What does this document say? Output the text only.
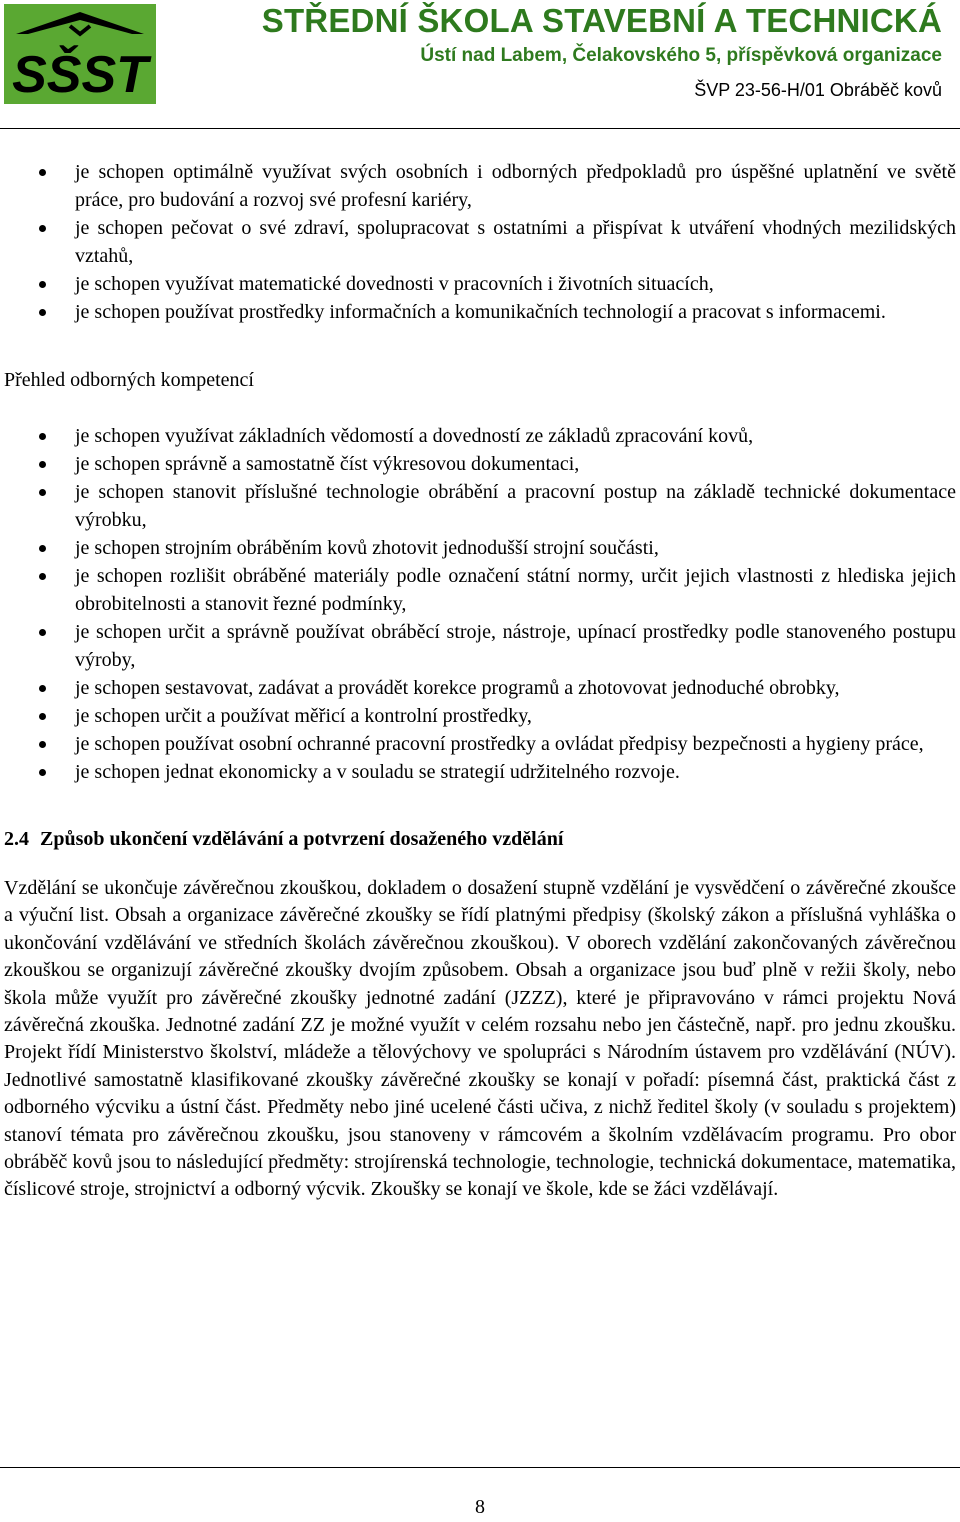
SŠST
STŘEDNÍ ŠKOLA STAVEBNÍ A TECHNICKÁ
Ústí nad Labem, Čelakovského 5, příspěvková organizace
ŠVP 23-56-H/01 Obráběč kovů
je schopen optimálně využívat svých osobních i odborných předpokladů pro úspěšné uplatnění ve světě práce, pro budování a rozvoj své profesní kariéry,
je schopen pečovat o své zdraví, spolupracovat s ostatními a přispívat k utváření vhodných mezilidských vztahů,
je schopen využívat matematické dovednosti v pracovních i životních situacích,
je schopen používat prostředky informačních a komunikačních technologií a pracovat s informacemi.
Přehled odborných kompetencí
je schopen využívat základních vědomostí a dovedností ze základů zpracování kovů,
je schopen správně a samostatně číst výkresovou dokumentaci,
je schopen stanovit příslušné technologie obrábění a pracovní postup na základě technické dokumentace výrobku,
je schopen strojním obráběním kovů zhotovit jednodušší strojní součásti,
je schopen rozlišit obráběné materiály podle označení státní normy, určit jejich vlastnosti z hlediska jejich obrobitelnosti a stanovit řezné podmínky,
je schopen určit a správně používat obráběcí stroje, nástroje, upínací prostředky podle stanoveného postupu výroby,
je schopen sestavovat, zadávat a provádět korekce programů a zhotovovat jednoduché obrobky,
je schopen určit a používat měřicí a kontrolní prostředky,
je schopen používat osobní ochranné pracovní prostředky a ovládat předpisy bezpečnosti a hygieny práce,
je schopen jednat ekonomicky a v souladu se strategií udržitelného rozvoje.
2.4 Způsob ukončení vzdělávání a potvrzení dosaženého vzdělání
Vzdělání se ukončuje závěrečnou zkouškou, dokladem o dosažení stupně vzdělání je vysvědčení o závěrečné zkoušce a výuční list. Obsah a organizace závěrečné zkoušky se řídí platnými předpisy (školský zákon a příslušná vyhláška o ukončování vzdělávání ve středních školách závěrečnou zkouškou). V oborech vzdělání zakončovaných závěrečnou zkouškou se organizují závěrečné zkoušky dvojím způsobem. Obsah a organizace jsou buď plně v režii školy, nebo škola může využít pro závěrečné zkoušky jednotné zadání (JZZZ), které je připravováno v rámci projektu Nová závěrečná zkouška. Jednotné zadání ZZ je možné využít v celém rozsahu nebo jen částečně, např. pro jednu zkoušku. Projekt řídí Ministerstvo školství, mládeže a tělovýchovy ve spolupráci s Národním ústavem pro vzdělávání (NÚV). Jednotlivé samostatně klasifikované zkoušky závěrečné zkoušky se konají v pořadí: písemná část, praktická část z odborného výcviku a ústní část. Předměty nebo jiné ucelené části učiva, z nichž ředitel školy (v souladu s projektem) stanoví témata pro závěrečnou zkoušku, jsou stanoveny v rámcovém a školním vzdělávacím programu. Pro obor obráběč kovů jsou to následující předměty: strojírenská technologie, technologie, technická dokumentace, matematika, číslicové stroje, strojnictví a odborný výcvik. Zkoušky se konají ve škole, kde se žáci vzdělávají.
8
